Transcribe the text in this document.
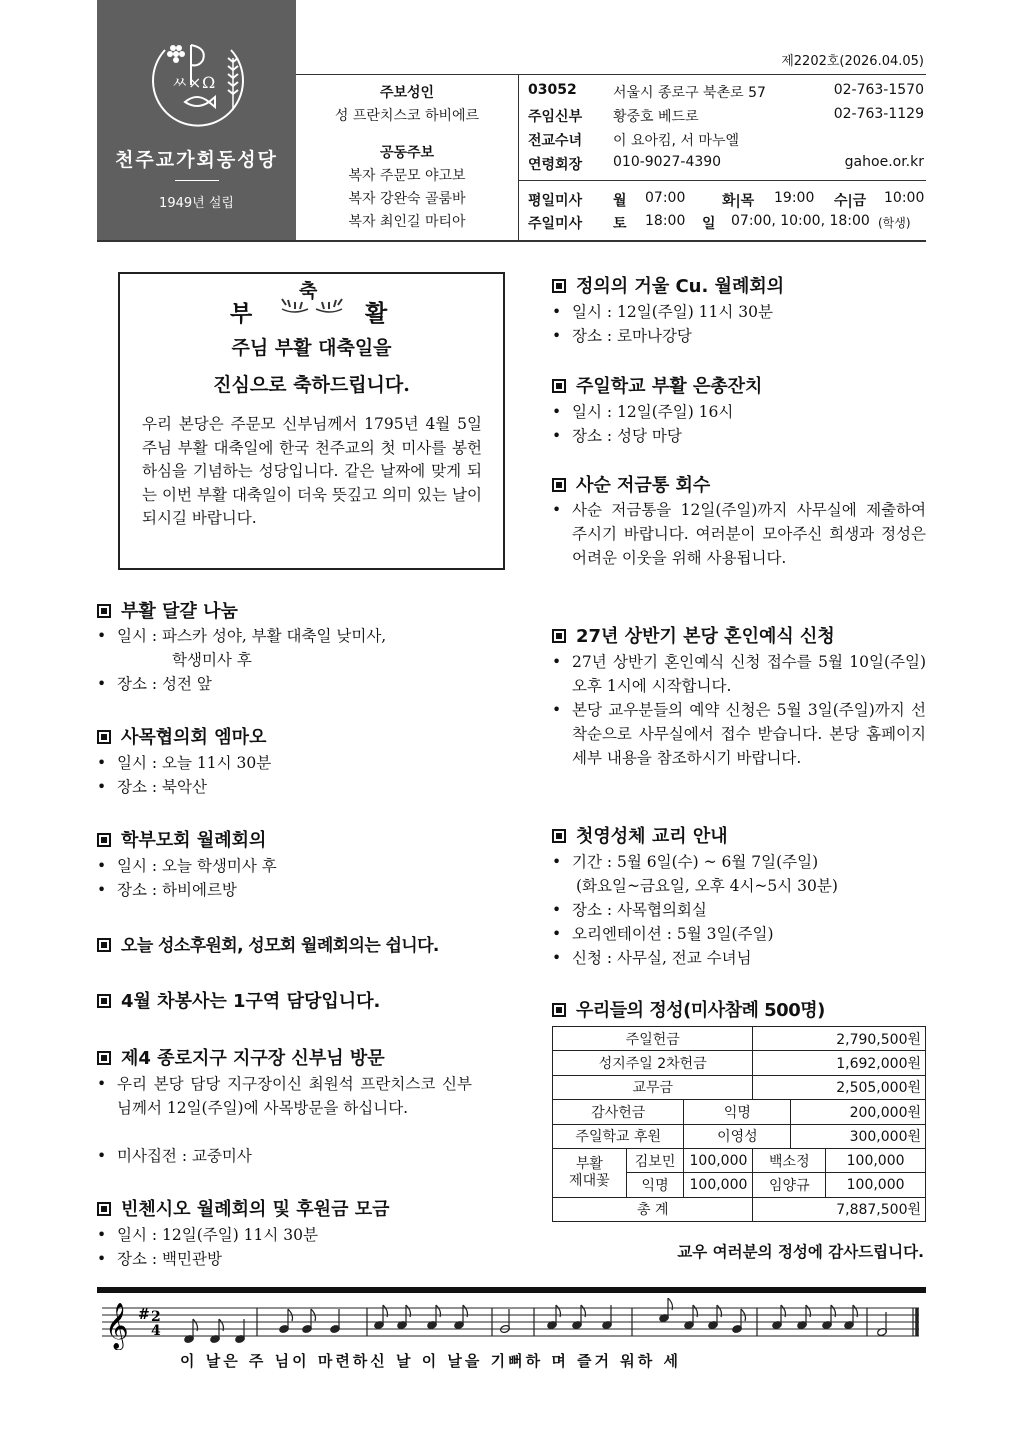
ㅆ × Ω
천주교가회동성당
1949년 설립
제2202호(2026.04.05)
주보성인
성 프란치스코 하비에르
공동주보
복자 주문모 야고보
복자 강완숙 골룸바
복자 최인길 마티아
03052	서울시 종로구 북촌로 57	02-763-1570
주임신부 황중호 베드로	02-763-1129
전교수녀 이 요아킴, 서 마누엘
연령회장 010-9027-4390	gahoe.or.kr
평일미사 월 07:00	화|목 19:00 수|금 10:00
주일미사 토 18:00 일 07:00, 10:00, 18:00 (학생)
부
축
활
주님 부활 대축일을
진심으로 축하드립니다.
우리 본당은 주문모 신부님께서 1795년 4월 5일 주님 부활 대축일에 한국 천주교의 첫 미사를 봉헌하심을 기념하는 성당입니다. 같은 날짜에 맞게 되는 이번 부활 대축일이 더욱 뜻깊고 의미 있는 날이 되시길 바랍니다.
부활 달걀 나눔
• 일시 : 파스카 성야, 부활 대축일 낮미사,
학생미사 후
• 장소 : 성전 앞
사목협의회 엠마오
• 일시 : 오늘 11시 30분
• 장소 : 북악산
학부모회 월례회의
• 일시 : 오늘 학생미사 후
• 장소 : 하비에르방
오늘 성소후원회, 성모회 월례회의는 쉽니다.
4월 차봉사는 1구역 담당입니다.
제4 종로지구 지구장 신부님 방문
• 우리 본당 담당 지구장이신 최원석 프란치스코 신부님께서 12일(주일)에 사목방문을 하십니다.
• 미사집전 : 교중미사
빈첸시오 월례회의 및 후원금 모금
• 일시 : 12일(주일) 11시 30분
• 장소 : 백민관방
정의의 거울 Cu. 월례회의
• 일시 : 12일(주일) 11시 30분
• 장소 : 로마나강당
주일학교 부활 은총잔치
• 일시 : 12일(주일) 16시
• 장소 : 성당 마당
사순 저금통 회수
• 사순 저금통을 12일(주일)까지 사무실에 제출하여 주시기 바랍니다. 여러분이 모아주신 희생과 정성은 어려운 이웃을 위해 사용됩니다.
27년 상반기 본당 혼인예식 신청
• 27년 상반기 혼인예식 신청 접수를 5월 10일(주일) 오후 1시에 시작합니다.
• 본당 교우분들의 예약 신청은 5월 3일(주일)까지 선착순으로 사무실에서 접수 받습니다. 본당 홈페이지 세부 내용을 참조하시기 바랍니다.
첫영성체 교리 안내
• 기간 : 5월 6일(수) ~ 6월 7일(주일)
(화요일~금요일, 오후 4시~5시 30분)
• 장소 : 사목협의회실
• 오리엔테이션 : 5월 3일(주일)
• 신청 : 사무실, 전교 수녀님
우리들의 정성(미사참례 500명)
주일헌금			2,790,500원		
성지주일 2차헌금			1,692,000원		
교무금			2,505,000원		
감사헌금		익명		200,000원	
주일학교 후원		이영성		300,000원	
부활
제대꽃	김보민	100,000	백소정		100,000
	익명	100,000	임양규		100,000
총 계			7,887,500원		
교우 여러분의 정성에 감사드립니다.
𝄞 # 2
4
이 날은 주 님이 마련하신 날 이 날을 기뻐하 며 즐거 워하 세
